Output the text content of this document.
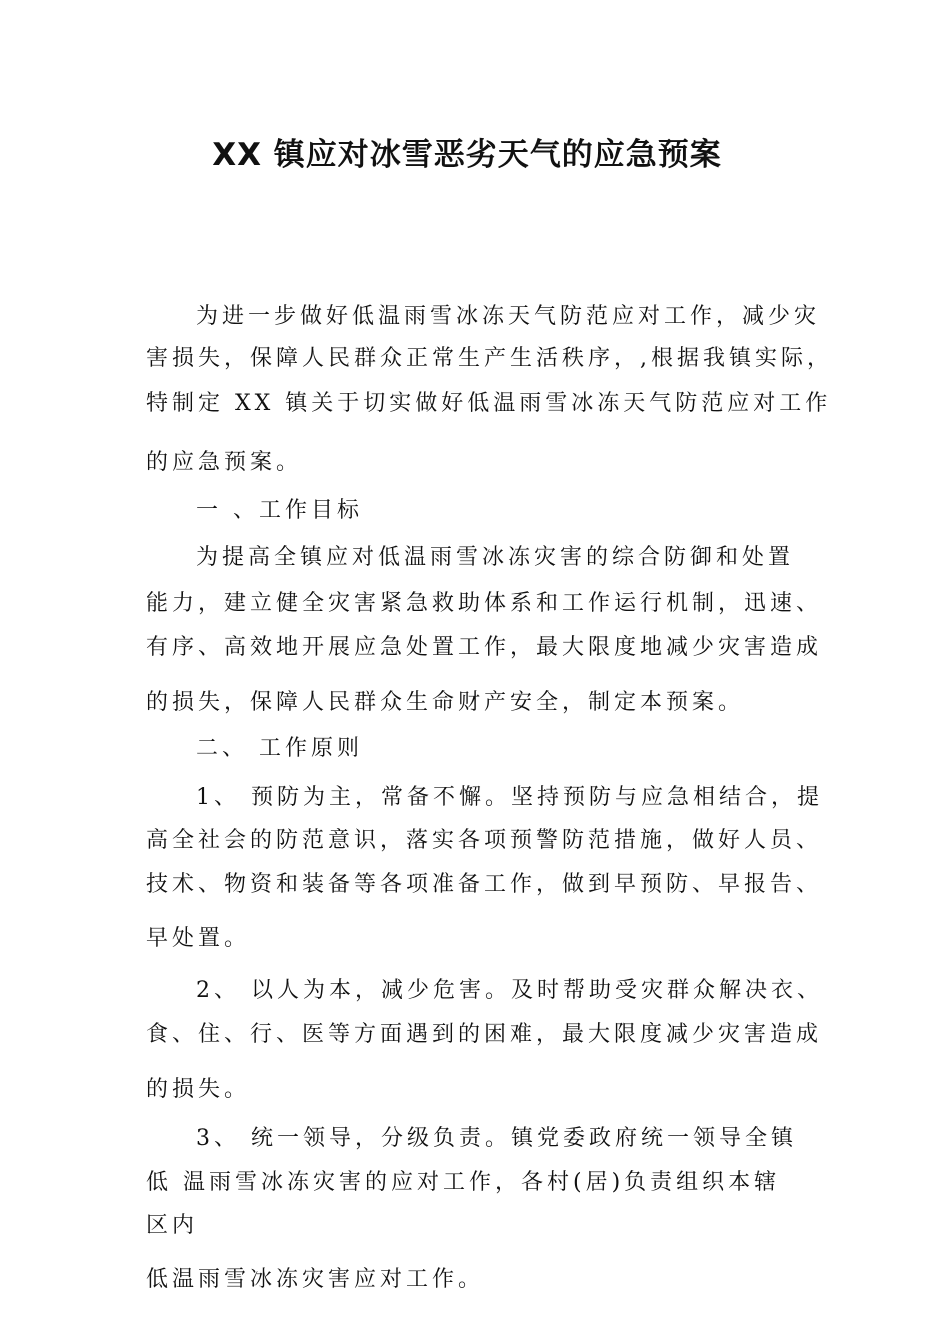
XX 镇应对冰雪恶劣天气的应急预案
为进一步做好低温雨雪冰冻天气防范应对工作，减少灾
害损失，保障人民群众正常生产生活秩序，,根据我镇实际，
特制定 XX 镇关于切实做好低温雨雪冰冻天气防范应对工作
的应急预案。
一 、工作目标
为提高全镇应对低温雨雪冰冻灾害的综合防御和处置
能力，建立健全灾害紧急救助体系和工作运行机制，迅速、
有序、高效地开展应急处置工作，最大限度地减少灾害造成
的损失，保障人民群众生命财产安全，制定本预案。
二、 工作原则
1、 预防为主，常备不懈。坚持预防与应急相结合，提
高全社会的防范意识，落实各项预警防范措施，做好人员、
技术、物资和装备等各项准备工作，做到早预防、早报告、
早处置。
2、 以人为本，减少危害。及时帮助受灾群众解决衣、
食、住、行、医等方面遇到的困难，最大限度减少灾害造成
的损失。
3、 统一领导，分级负责。镇党委政府统一领导全镇
低 温雨雪冰冻灾害的应对工作，各村(居)负责组织本辖
区内
低温雨雪冰冻灾害应对工作。
